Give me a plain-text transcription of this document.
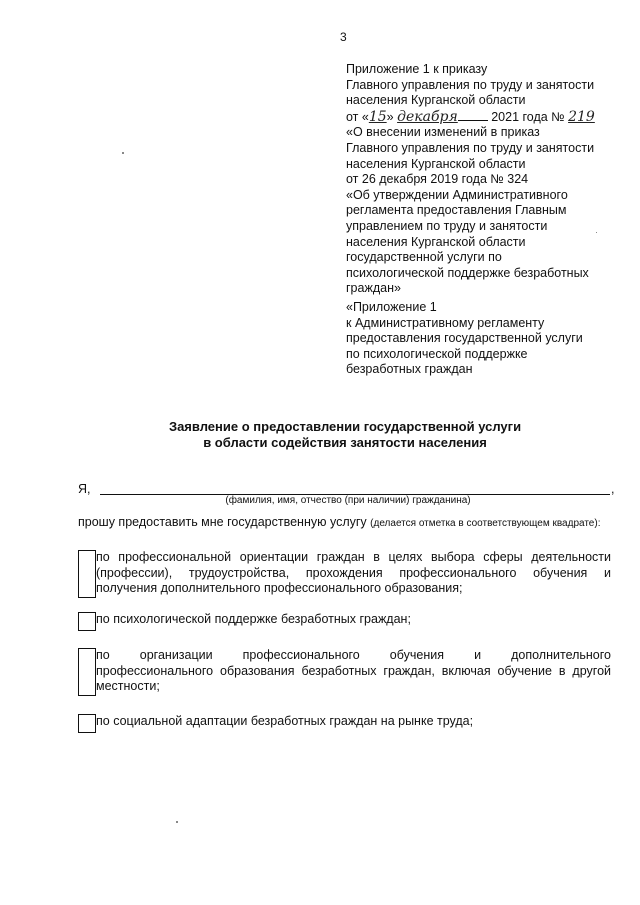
3
Приложение 1 к приказу
Главного управления по труду и занятости
населения Курганской области
от «15» декабря	2021 года № 219
«О внесении изменений в приказ
Главного управления по труду и занятости
населения Курганской области
от 26 декабря 2019 года № 324
«Об утверждении Административного
регламента предоставления Главным
управлением по труду и занятости
населения Курганской области
государственной услуги по
психологической поддержке безработных
граждан»
«Приложение 1
к Административному регламенту
предоставления государственной услуги
по психологической поддержке
безработных граждан
Заявление о предоставлении государственной услуги
в области содействия занятости населения
Я,	,
(фамилия, имя, отчество (при наличии) гражданина)
прошу предоставить мне государственную услугу (делается отметка в соответствующем квадрате):
по профессиональной ориентации граждан в целях выбора сферы деятельности
(профессии), трудоустройства, прохождения профессионального обучения и
получения дополнительного профессионального образования;
по психологической поддержке безработных граждан;
по организации профессионального обучения и дополнительного
профессионального образования безработных граждан, включая обучение в другой
местности;
по социальной адаптации безработных граждан на рынке труда;
